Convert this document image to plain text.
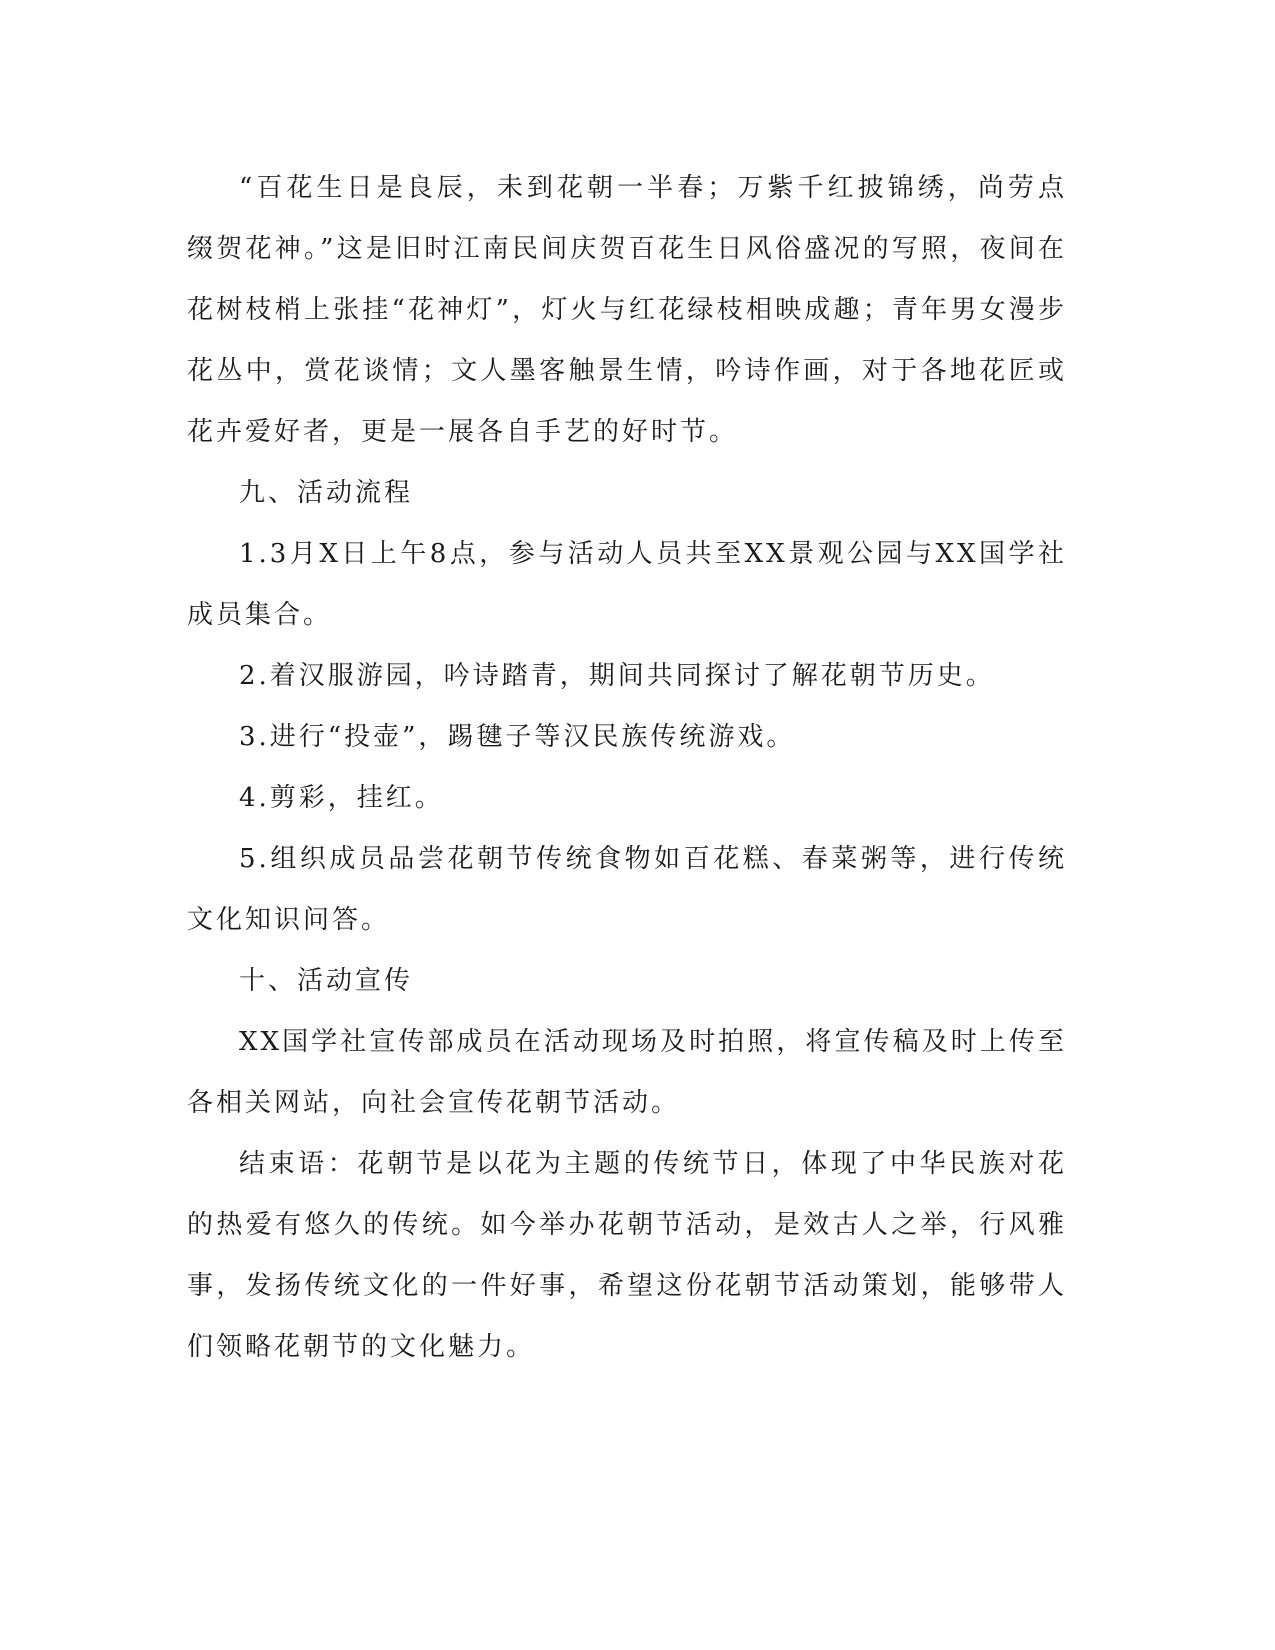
“百花生日是良辰，未到花朝一半春；万紫千红披锦绣，尚劳点缀贺花神。”这是旧时江南民间庆贺百花生日风俗盛况的写照，夜间在花树枝梢上张挂“花神灯”，灯火与红花绿枝相映成趣；青年男女漫步花丛中，赏花谈情；文人墨客触景生情，吟诗作画，对于各地花匠或花卉爱好者，更是一展各自手艺的好时节。

九、活动流程

1.3月X日上午8点，参与活动人员共至XX景观公园与XX国学社成员集合。

2.着汉服游园，吟诗踏青，期间共同探讨了解花朝节历史。

3.进行“投壶”，踢毽子等汉民族传统游戏。

4.剪彩，挂红。

5.组织成员品尝花朝节传统食物如百花糕、春菜粥等，进行传统文化知识问答。

十、活动宣传

XX国学社宣传部成员在活动现场及时拍照，将宣传稿及时上传至各相关网站，向社会宣传花朝节活动。

结束语：花朝节是以花为主题的传统节日，体现了中华民族对花的热爱有悠久的传统。如今举办花朝节活动，是效古人之举，行风雅事，发扬传统文化的一件好事，希望这份花朝节活动策划，能够带人们领略花朝节的文化魅力。
